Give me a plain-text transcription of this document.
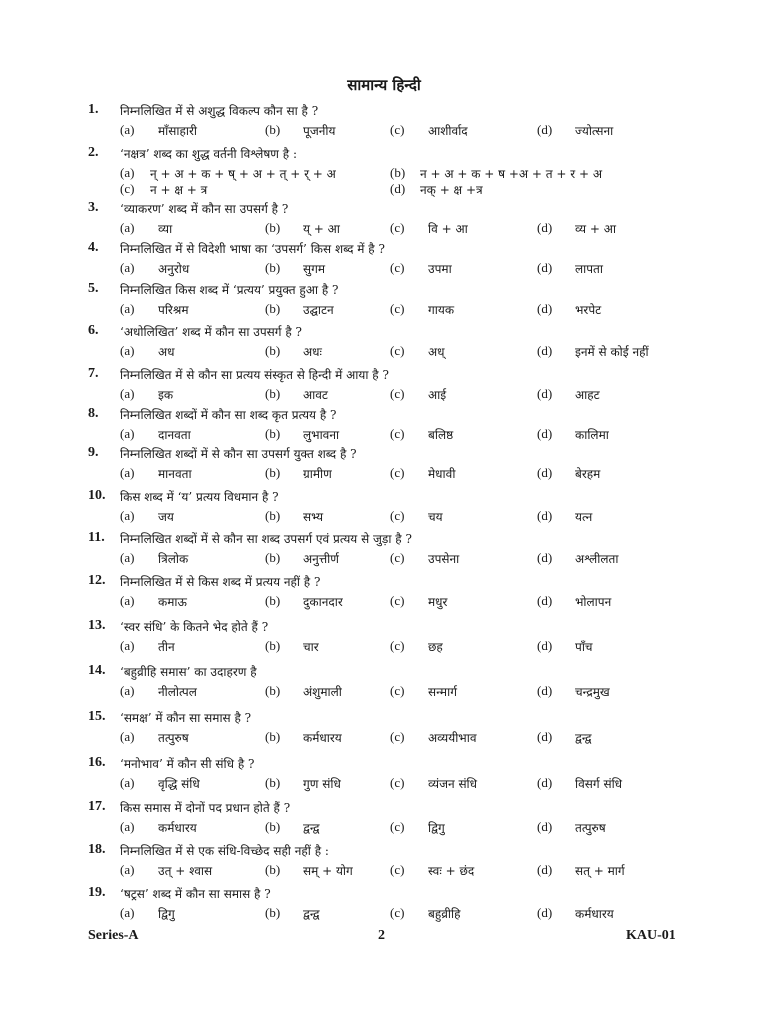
सामान्य हिन्दी
1. निम्नलिखित में से अशुद्ध विकल्प कौन सा है ?
(a) माँसाहारी	(b) पूजनीय	(c) आशीर्वाद	(d) ज्योत्सना
2. ‘नक्षत्र’ शब्द का शुद्ध वर्तनी विश्लेषण है :
(a) न् + अ + क + ष् + अ + त् + र् + अ	(b) न + अ + क + ष +अ + त + र + अ
(c) न + क्ष + त्र	(d) नक् + क्ष +त्र
3. ‘व्याकरण’ शब्द में कौन सा उपसर्ग है ?
(a) व्या	(b) य् + आ	(c) वि + आ	(d) व्य + आ
4. निम्नलिखित में से विदेशी भाषा का ‘उपसर्ग’ किस शब्द में है ?
(a) अनुरोध	(b) सुगम	(c) उपमा	(d) लापता
5. निम्नलिखित किस शब्द में ‘प्रत्यय’ प्रयुक्त हुआ है ?
(a) परिश्रम	(b) उद्घाटन	(c) गायक	(d) भरपेट
6. ‘अधोलिखित’ शब्द में कौन सा उपसर्ग है ?
(a) अध	(b) अधः	(c) अध्	(d) इनमें से कोई नहीं
7. निम्नलिखित में से कौन सा प्रत्यय संस्कृत से हिन्दी में आया है ?
(a) इक	(b) आवट	(c) आई	(d) आहट
8. निम्नलिखित शब्दों में कौन सा शब्द कृत प्रत्यय है ?
(a) दानवता	(b) लुभावना	(c) बलिष्ठ	(d) कालिमा
9. निम्नलिखित शब्दों में से कौन सा उपसर्ग युक्त शब्द है ?
(a) मानवता	(b) ग्रामीण	(c) मेधावी	(d) बेरहम
10. किस शब्द में ‘य’ प्रत्यय विधमान है ?
(a) जय	(b) सभ्य	(c) चय	(d) यत्न
11. निम्नलिखित शब्दों में से कौन सा शब्द उपसर्ग एवं प्रत्यय से जुड़ा है ?
(a) त्रिलोक	(b) अनुत्तीर्ण	(c) उपसेना	(d) अश्लीलता
12. निम्नलिखित में से किस शब्द में प्रत्यय नहीं है ?
(a) कमाऊ	(b) दुकानदार	(c) मधुर	(d) भोलापन
13. ‘स्वर संधि’ के कितने भेद होते हैं ?
(a) तीन	(b) चार	(c) छह	(d) पाँच
14. ‘बहुव्रीहि समास’ का उदाहरण है
(a) नीलोत्पल	(b) अंशुमाली	(c) सन्मार्ग	(d) चन्द्रमुख
15. ‘समक्ष’ में कौन सा समास है ?
(a) तत्पुरुष	(b) कर्मधारय	(c) अव्ययीभाव	(d) द्वन्द्व
16. ‘मनोभाव’ में कौन सी संधि है ?
(a) वृद्धि संधि	(b) गुण संधि	(c) व्यंजन संधि	(d) विसर्ग संधि
17. किस समास में दोनों पद प्रधान होते हैं ?
(a) कर्मधारय	(b) द्वन्द्व	(c) द्विगु	(d) तत्पुरुष
18. निम्नलिखित में से एक संधि-विच्छेद सही नहीं है :
(a) उत् + श्वास	(b) सम् + योग	(c) स्वः + छंद	(d) सत् + मार्ग
19. ‘षट्रस’ शब्द में कौन सा समास है ?
(a) द्विगु	(b) द्वन्द्व	(c) बहुव्रीहि	(d) कर्मधारय
Series-A	2	KAU-01
